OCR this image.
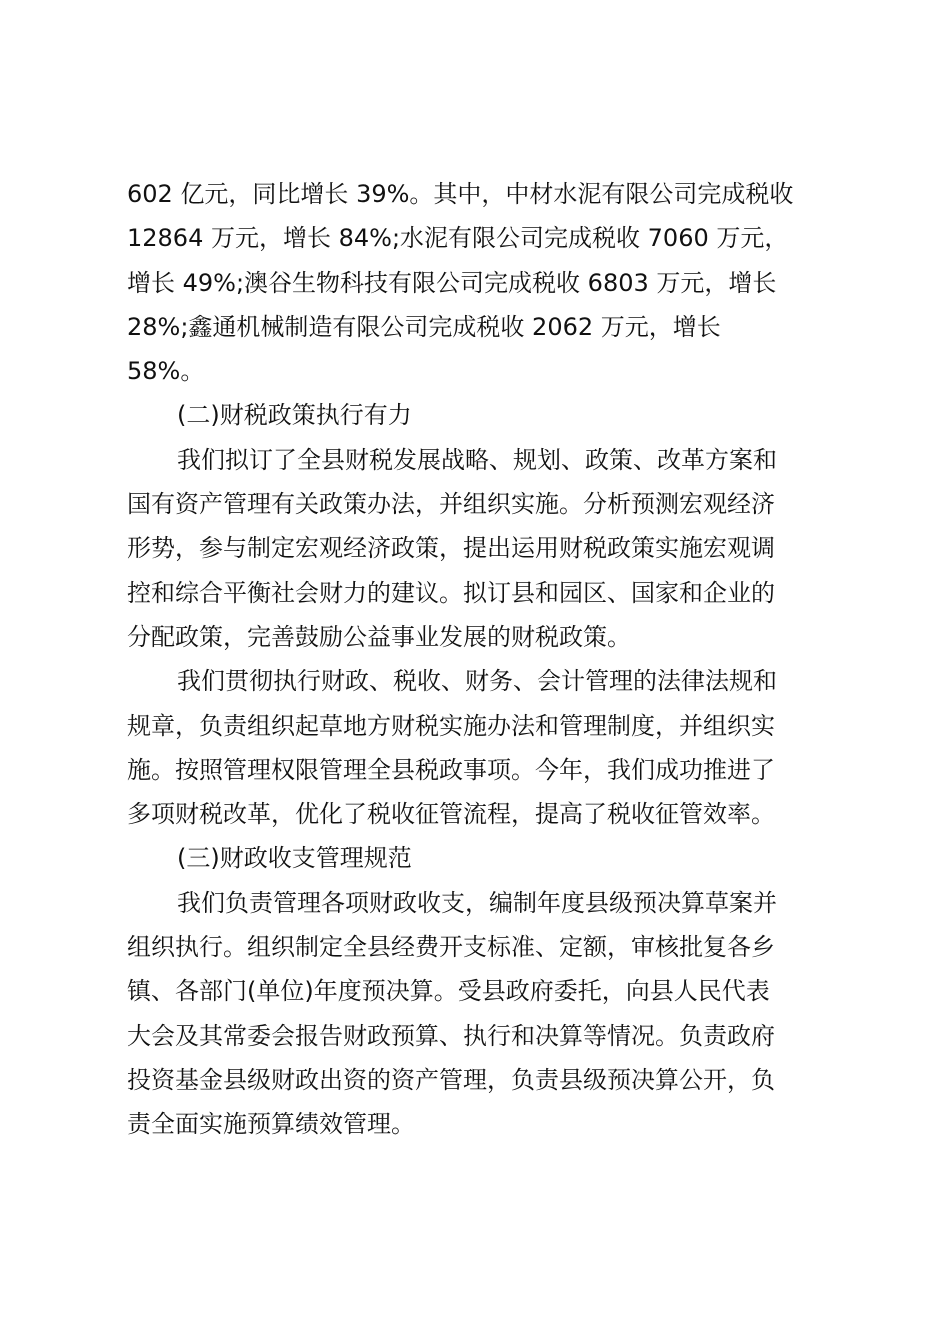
602 亿元，同比增长 39%。其中，中材水泥有限公司完成税收
12864 万元，增长 84%;水泥有限公司完成税收 7060 万元，
增长 49%;澳谷生物科技有限公司完成税收 6803 万元，增长
28%;鑫通机械制造有限公司完成税收 2062 万元，增长
58%。
(二)财税政策执行有力
我们拟订了全县财税发展战略、规划、政策、改革方案和
国有资产管理有关政策办法，并组织实施。分析预测宏观经济
形势，参与制定宏观经济政策，提出运用财税政策实施宏观调
控和综合平衡社会财力的建议。拟订县和园区、国家和企业的
分配政策，完善鼓励公益事业发展的财税政策。
我们贯彻执行财政、税收、财务、会计管理的法律法规和
规章，负责组织起草地方财税实施办法和管理制度，并组织实
施。按照管理权限管理全县税政事项。今年，我们成功推进了
多项财税改革，优化了税收征管流程，提高了税收征管效率。
(三)财政收支管理规范
我们负责管理各项财政收支，编制年度县级预决算草案并
组织执行。组织制定全县经费开支标准、定额，审核批复各乡
镇、各部门(单位)年度预决算。受县政府委托，向县人民代表
大会及其常委会报告财政预算、执行和决算等情况。负责政府
投资基金县级财政出资的资产管理，负责县级预决算公开，负
责全面实施预算绩效管理。
